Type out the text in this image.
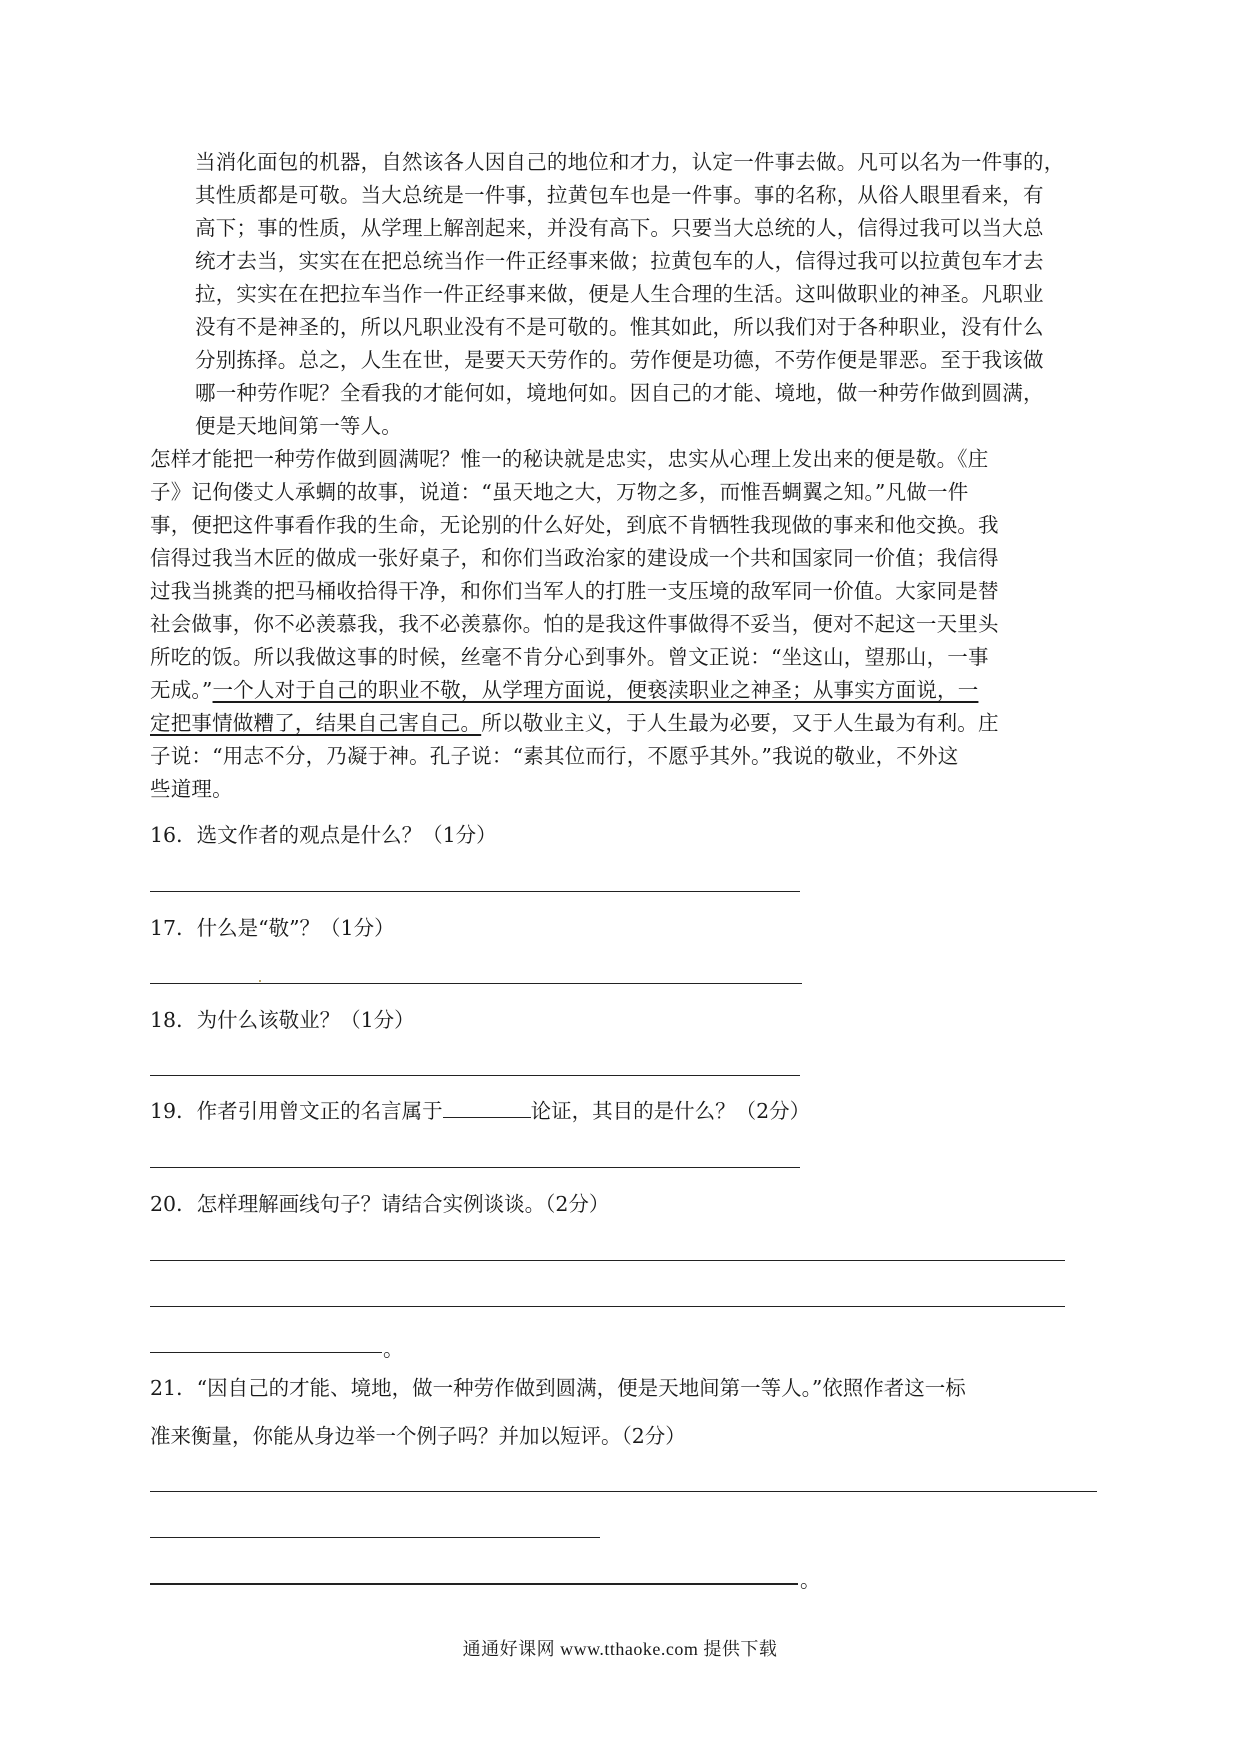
当消化面包的机器，自然该各人因自己的地位和才力，认定一件事去做。凡可以名为一件事的，
其性质都是可敬。当大总统是一件事，拉黄包车也是一件事。事的名称，从俗人眼里看来，有
高下；事的性质，从学理上解剖起来，并没有高下。只要当大总统的人，信得过我可以当大总
统才去当，实实在在把总统当作一件正经事来做；拉黄包车的人，信得过我可以拉黄包车才去
拉，实实在在把拉车当作一件正经事来做，便是人生合理的生活。这叫做职业的神圣。凡职业
没有不是神圣的，所以凡职业没有不是可敬的。惟其如此，所以我们对于各种职业，没有什么
分别拣择。总之，人生在世，是要天天劳作的。劳作便是功德，不劳作便是罪恶。至于我该做
哪一种劳作呢？全看我的才能何如，境地何如。因自己的才能、境地，做一种劳作做到圆满，
便是天地间第一等人。
怎样才能把一种劳作做到圆满呢？惟一的秘诀就是忠实，忠实从心理上发出来的便是敬。《庄
子》记佝偻丈人承蜩的故事，说道：“虽天地之大，万物之多，而惟吾蜩翼之知。”凡做一件
事，便把这件事看作我的生命，无论别的什么好处，到底不肯牺牲我现做的事来和他交换。我
信得过我当木匠的做成一张好桌子，和你们当政治家的建设成一个共和国家同一价值；我信得
过我当挑粪的把马桶收拾得干净，和你们当军人的打胜一支压境的敌军同一价值。大家同是替
社会做事，你不必羡慕我，我不必羡慕你。怕的是我这件事做得不妥当，便对不起这一天里头
所吃的饭。所以我做这事的时候，丝毫不肯分心到事外。曾文正说：“坐这山，望那山，一事
无成。”一个人对于自己的职业不敬，从学理方面说，便亵渎职业之神圣；从事实方面说，一
定把事情做糟了，结果自己害自己。所以敬业主义，于人生最为必要，又于人生最为有利。庄
子说：“用志不分，乃凝于神。孔子说：“素其位而行，不愿乎其外。”我说的敬业，不外这
些道理。
16．选文作者的观点是什么？（1分）
17．什么是“敬”？（1分）
18．为什么该敬业？（1分）
19．作者引用曾文正的名言属于	论证，其目的是什么？（2分）
20．怎样理解画线句子？请结合实例谈谈。（2分）
。
21．“因自己的才能、境地，做一种劳作做到圆满，便是天地间第一等人。”依照作者这一标
准来衡量，你能从身边举一个例子吗？并加以短评。（2分）
。
通通好课网 www.tthaoke.com 提供下载
